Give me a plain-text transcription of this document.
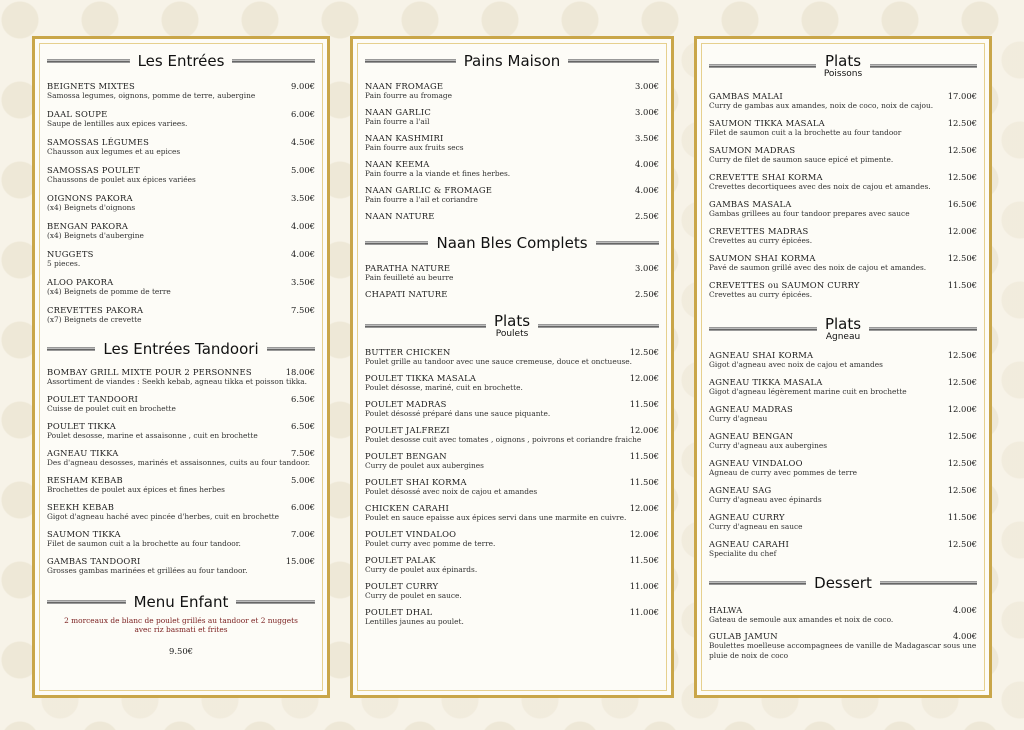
Les Entrées
BEIGNETS MIXTES	9.00€
Samossa legumes, oignons, pomme de terre, aubergine
DAAL SOUPE	6.00€
Saupe de lentilles aux epices variees.
SAMOSSAS LÉGUMES	4.50€
Chausson aux legumes et au epices
SAMOSSAS POULET	5.00€
Chaussons de poulet aux épices variées
OIGNONS PAKORA	3.50€
(x4) Beignets d'oignons
BENGAN PAKORA	4.00€
(x4) Beignets d'aubergine
NUGGETS	4.00€
5 pieces.
ALOO PAKORA	3.50€
(x4) Beignets de pomme de terre
CREVETTES PAKORA	7.50€
(x7) Beignets de crevette
Les Entrées Tandoori
BOMBAY GRILL MIXTE POUR 2 PERSONNES	18.00€
Assortiment de viandes : Seekh kebab, agneau tikka et poisson tikka.
POULET TANDOORI	6.50€
Cuisse de poulet cuit en brochette
POULET TIKKA	6.50€
Poulet desosse, marine et assaisonne , cuit en brochette
AGNEAU TIKKA	7.50€
Des d'agneau desosses, marinés et assaisonnes, cuits au four tandoor.
RESHAM KEBAB	5.00€
Brochettes de poulet aux épices et fines herbes
SEEKH KEBAB	6.00€
Gigot d'agneau haché avec pincée d'herbes, cuit en brochette
SAUMON TIKKA	7.00€
Filet de saumon cuit a la brochette au four tandoor.
GAMBAS TANDOORI	15.00€
Grosses gambas marinées et grillées au four tandoor.
Menu Enfant
2 morceaux de blanc de poulet grillés au tandoor et 2 nuggets avec riz basmati et frites
9.50€
Pains Maison
NAAN FROMAGE	3.00€
Pain fourre au fromage
NAAN GARLIC	3.00€
Pain fourre a l'ail
NAAN KASHMIRI	3.50€
Pain fourre aux fruits secs
NAAN KEEMA	4.00€
Pain fourre a la viande et fines herbes.
NAAN GARLIC & FROMAGE	4.00€
Pain fourre a l'ail et coriandre
NAAN NATURE	2.50€
Naan Bles Complets
PARATHA NATURE	3.00€
Pain feuilleté au beurre
CHAPATI NATURE	2.50€
Plats
Poulets
BUTTER CHICKEN	12.50€
Poulet grille au tandoor avec une sauce cremeuse, douce et onctueuse.
POULET TIKKA MASALA	12.00€
Poulet désosse, mariné, cuit en brochette.
POULET MADRAS	11.50€
Poulet désossé préparé dans une sauce piquante.
POULET JALFREZI	12.00€
Poulet desosse cuit avec tomates , oignons , poivrons et coriandre fraiche
POULET BENGAN	11.50€
Curry de poulet aux aubergines
POULET SHAI KORMA	11.50€
Poulet désossé avec noix de cajou et amandes
CHICKEN CARAHI	12.00€
Poulet en sauce epaisse aux épices servi dans une marmite en cuivre.
POULET VINDALOO	12.00€
Poulet curry avec pomme de terre.
POULET PALAK	11.50€
Curry de poulet aux épinards.
POULET CURRY	11.00€
Curry de poulet en sauce.
POULET DHAL	11.00€
Lentilles jaunes au poulet.
Plats
Poissons
GAMBAS MALAI	17.00€
Curry de gambas aux amandes, noix de coco, noix de cajou.
SAUMON TIKKA MASALA	12.50€
Filet de saumon cuit a la brochette au four tandoor
SAUMON MADRAS	12.50€
Curry de filet de saumon sauce epicé et pimente.
CREVETTE SHAI KORMA	12.50€
Crevettes decortiquees avec des noix de cajou et amandes.
GAMBAS MASALA	16.50€
Gambas grillees au four tandoor prepares avec sauce
CREVETTES MADRAS	12.00€
Crevettes au curry épicées.
SAUMON SHAI KORMA	12.50€
Pavé de saumon grillé avec des noix de cajou et amandes.
CREVETTES ou SAUMON CURRY	11.50€
Crevettes au curry épicées.
Plats
Agneau
AGNEAU SHAI KORMA	12.50€
Gigot d'agneau avec noix de cajou et amandes
AGNEAU TIKKA MASALA	12.50€
Gigot d'agneau légèrement marine cuit en brochette
AGNEAU MADRAS	12.00€
Curry d'agneau
AGNEAU BENGAN	12.50€
Curry d'agneau aux aubergines
AGNEAU VINDALOO	12.50€
Agneau de curry avec pommes de terre
AGNEAU SAG	12.50€
Curry d'agneau avec épinards
AGNEAU CURRY	11.50€
Curry d'agneau en sauce
AGNEAU CARAHI	12.50€
Specialite du chef
Dessert
HALWA	4.00€
Gateau de semoule aux amandes et noix de coco.
GULAB JAMUN	4.00€
Boulettes moelleuse accompagnees de vanille de Madagascar sous une pluie de noix de coco
